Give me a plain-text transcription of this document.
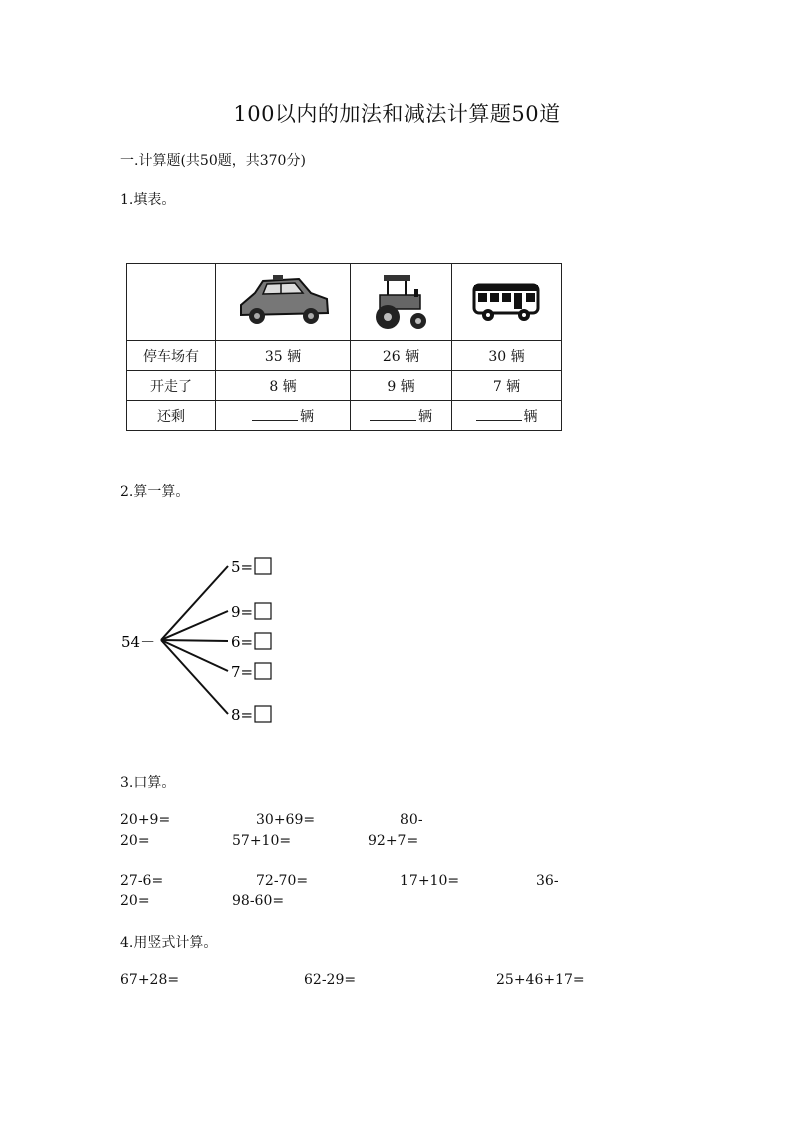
100以内的加法和减法计算题50道
一.计算题(共50题，共370分)
1.填表。

停车场有	35 辆	26 辆	30 辆
开走了	8 辆	9 辆	7 辆
还剩	辆	辆	辆
2.算一算。
54－
5=
9=
6=
7=
8=
3.口算。
20+9=	30+69=	80-
20=	57+10=	92+7=
27-6=	72-70=	17+10=	36-
20=	98-60=
4.用竖式计算。
67+28=	62-29=	25+46+17=
